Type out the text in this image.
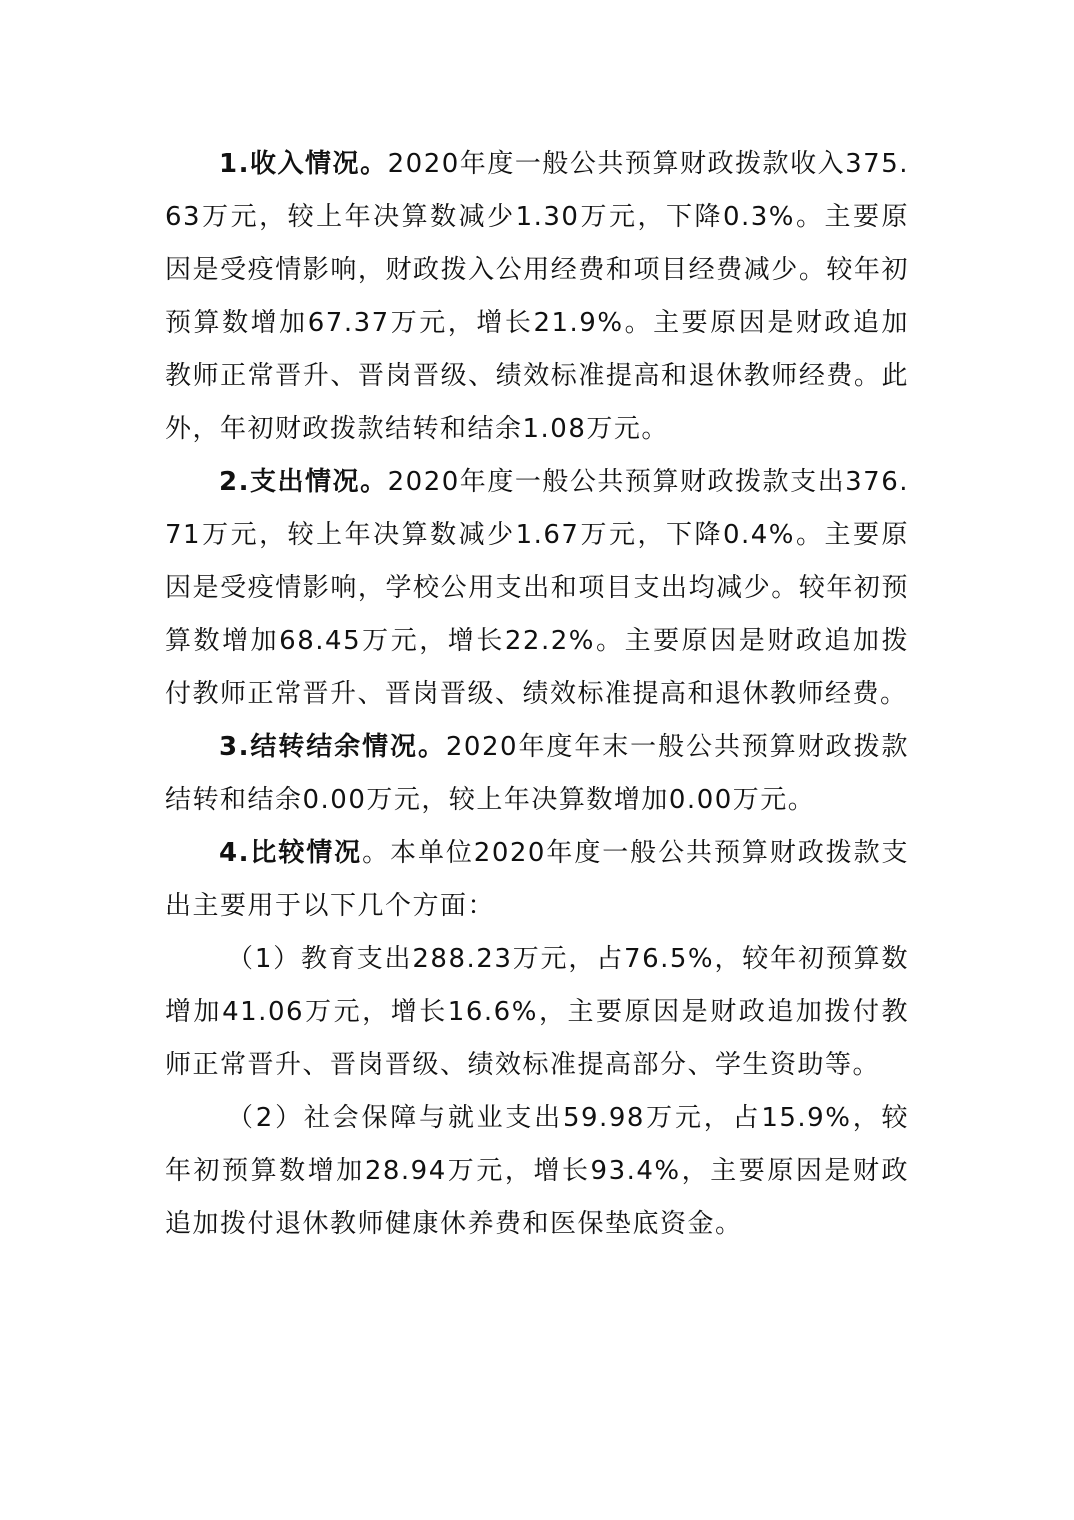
1.收入情况。2020年度一般公共预算财政拨款收入375.63万元，较上年决算数减少1.30万元，下降0.3%。主要原因是受疫情影响，财政拨入公用经费和项目经费减少。较年初预算数增加67.37万元，增长21.9%。主要原因是财政追加教师正常晋升、晋岗晋级、绩效标准提高和退休教师经费。此外，年初财政拨款结转和结余1.08万元。

2.支出情况。2020年度一般公共预算财政拨款支出376.71万元，较上年决算数减少1.67万元，下降0.4%。主要原因是受疫情影响，学校公用支出和项目支出均减少。较年初预算数增加68.45万元，增长22.2%。主要原因是财政追加拨付教师正常晋升、晋岗晋级、绩效标准提高和退休教师经费。

3.结转结余情况。2020年度年末一般公共预算财政拨款结转和结余0.00万元，较上年决算数增加0.00万元。

4.比较情况。本单位2020年度一般公共预算财政拨款支出主要用于以下几个方面：

（1）教育支出288.23万元，占76.5%，较年初预算数增加41.06万元，增长16.6%，主要原因是财政追加拨付教师正常晋升、晋岗晋级、绩效标准提高部分、学生资助等。

（2）社会保障与就业支出59.98万元，占15.9%，较年初预算数增加28.94万元，增长93.4%，主要原因是财政追加拨付退休教师健康休养费和医保垫底资金。
